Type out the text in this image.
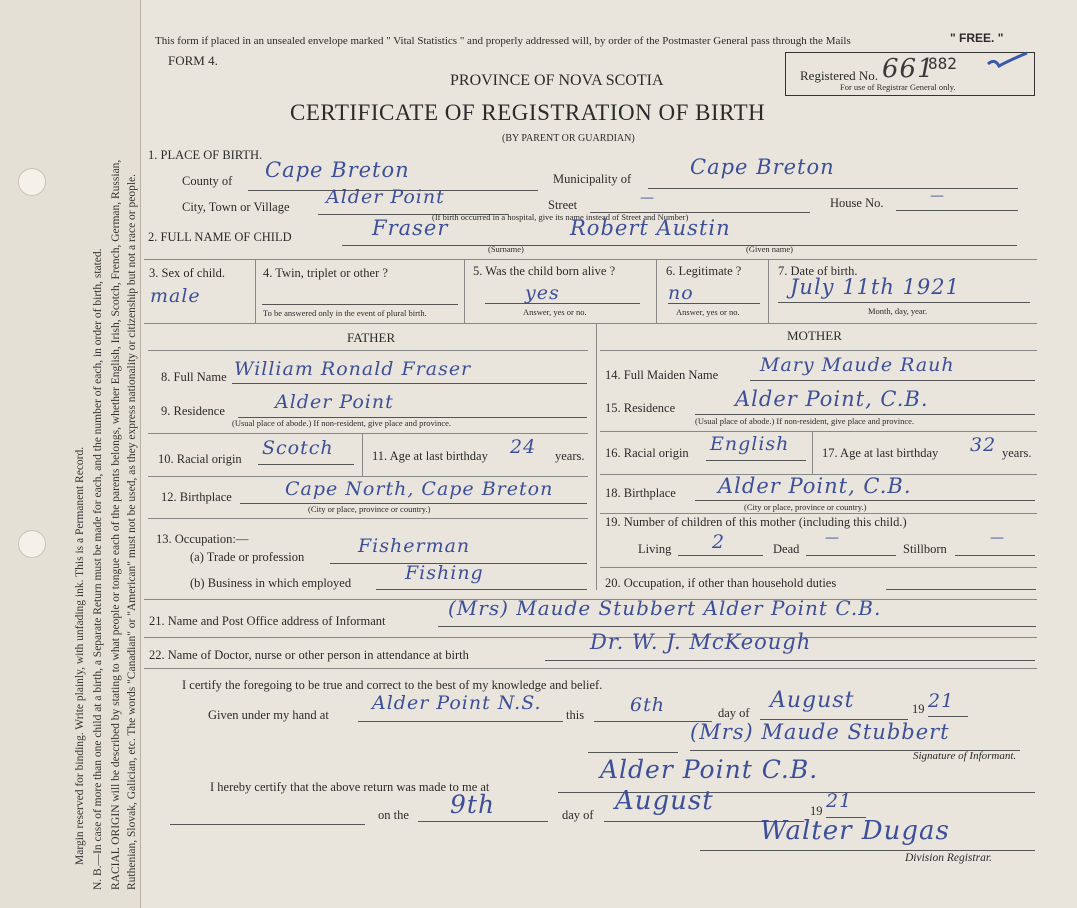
Margin reserved for binding. Write plainly, with unfading ink. This is a Permanent Record. N. B.—In case of more than one child at a birth, a Separate Return must be made for each, and the number of each, in order of birth, stated. RACIAL ORIGIN will be described by stating to what people or tongue each of the parents belongs, whether English, Irish, Scotch, French, German, Russian, Ruthenian, Slovak, Galician, etc. The words "Canadian" or "American" must not be used, as they express nationality or citizenship but not a race or people.
This form if placed in an unsealed envelope marked " Vital Statistics " and properly addressed will, by order of the Postmaster General pass through the Mails	" FREE. "
FORM 4.
PROVINCE OF NOVA SCOTIA
CERTIFICATE OF REGISTRATION OF BIRTH
(BY PARENT OR GUARDIAN)
Registered No. 661
882
For use of Registrar General only.
1. PLACE OF BIRTH.
County of Cape Breton	Municipality of	Cape Breton
City, Town or Village Alder Point	Street	—	House No.	—
(If birth occurred in a hospital, give its name instead of Street and Number)
2. FULL NAME OF CHILD	Fraser	Robert Austin
(Surname)	(Given name)
3. Sex of child.
male
4. Twin, triplet or other ?
To be answered only in the event of plural birth.
5. Was the child born alive ?
yes
Answer, yes or no.
6. Legitimate ?
no
Answer, yes or no.
7. Date of birth.
July 11th 1921
Month, day, year.
FATHER	MOTHER
8. Full Name William Ronald Fraser
9. Residence	Alder Point
(Usual place of abode.) If non-resident, give place and province.
10. Racial origin Scotch	11. Age at last birthday 24 years.
12. Birthplace	Cape North, Cape Breton
(City or place, province or country.)
13. Occupation:—
(a) Trade or profession	Fisherman
(b) Business in which employed	Fishing
14. Full Maiden Name Mary Maude Rauh
15. Residence	Alder Point, C.B.
(Usual place of abode.) If non-resident, give place and province.
16. Racial origin English	17. Age at last birthday 32 years.
18. Birthplace Alder Point, C.B.
(City or place, province or country.)
19. Number of children of this mother (including this child.)
Living 2	Dead
—
Stillborn
—
20. Occupation, if other than household duties
21. Name and Post Office address of Informant
(Mrs) Maude Stubbert Alder Point C.B.
22. Name of Doctor, nurse or other person in attendance at birth
Dr. W. J. McKeough
I certify the foregoing to be true and correct to the best of my knowledge and belief.
Given under my hand at
Alder Point N.S.
this 6th	day of August	19 21
(Mrs) Maude Stubbert
Signature of Informant.
I hereby certify that the above return was made to me at
Alder Point C.B.
on the 9th	day of August	19 21
Walter Dugas
Division Registrar.
